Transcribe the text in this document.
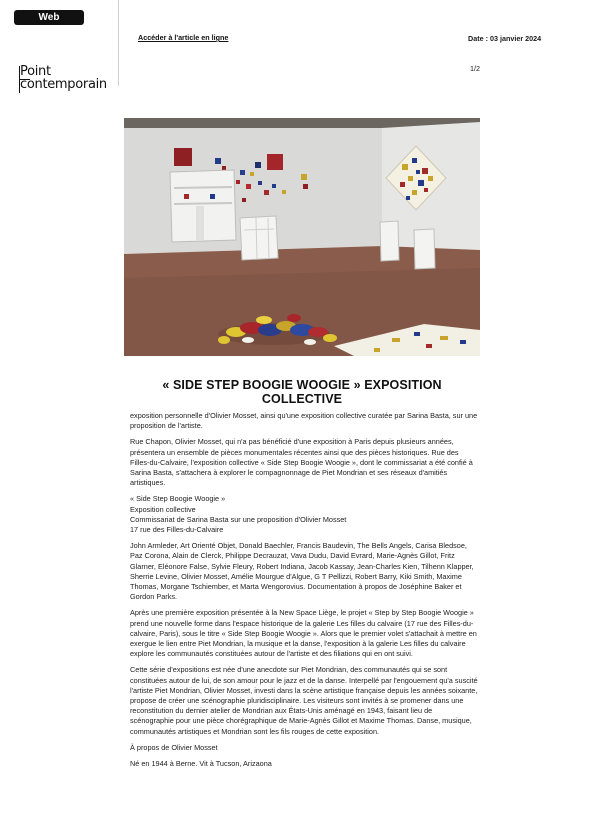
Web
Accéder à l'article en ligne	Date : 03 janvier 2024
1/2
Point
contemporain
« SIDE STEP BOOGIE WOOGIE » EXPOSITION COLLECTIVE

exposition personnelle d'Olivier Mosset, ainsi qu'une exposition collective curatée par Sarina Basta, sur une proposition de l'artiste.

Rue Chapon, Olivier Mosset, qui n'a pas bénéficié d'une exposition à Paris depuis plusieurs années, présentera un ensemble de pièces monumentales récentes ainsi que des pièces historiques. Rue des Filles-du-Calvaire, l'exposition collective « Side Step Boogie Woogie », dont le commissariat a été confié à Sarina Basta, s'attachera à explorer le compagnonnage de Piet Mondrian et ses réseaux d'amitiés artistiques.

« Side Step Boogie Woogie »

Exposition collective

Commissariat de Sarina Basta sur une proposition d'Olivier Mosset

17 rue des Filles-du-Calvaire

John Armleder, Art Orienté Objet, Donald Baechler, Francis Baudevin, The Bells Angels, Carisa Bledsoe, Paz Corona, Alain de Clerck, Philippe Decrauzat, Vava Dudu, David Evrard, Marie-Agnès Gillot, Fritz Glarner, Eléonore False, Sylvie Fleury, Robert Indiana, Jacob Kassay, Jean-Charles Kien, Tilhenn Klapper, Sherrie Levine, Olivier Mosset, Amélie Mourgue d'Algue, G T Pellizzi, Robert Barry, Kiki Smith, Maxime Thomas, Morgane Tschiember, et Marta Wengorovius. Documentation à propos de Joséphine Baker et Gordon Parks.

Après une première exposition présentée à la New Space Liège, le projet « Step by Step Boogie Woogie » prend une nouvelle forme dans l'espace historique de la galerie Les filles du calvaire (17 rue des Filles-du-calvaire, Paris), sous le titre « Side Step Boogie Woogie ». Alors que le premier volet s'attachait à mettre en exergue le lien entre Piet Mondrian, la musique et la danse, l'exposition à la galerie Les filles du calvaire explore les communautés constituées autour de l'artiste et des filiations qui en ont suivi.

Cette série d'expositions est née d'une anecdote sur Piet Mondrian, des communautés qui se sont constituées autour de lui, de son amour pour le jazz et de la danse. Interpellé par l'engouement qu'a suscité l'artiste Piet Mondrian, Olivier Mosset, investi dans la scène artistique française depuis les années soixante, propose de créer une scénographie pluridisciplinaire. Les visiteurs sont invités à se promener dans une reconstitution du dernier atelier de Mondrian aux États-Unis aménagé en 1943, faisant lieu de scénographie pour une pièce chorégraphique de Marie-Agnès Gillot et Maxime Thomas. Danse, musique, communautés artistiques et Mondrian sont les fils rouges de cette exposition.

À propos de Olivier Mosset

Né en 1944 à Berne. Vit à Tucson, Arizaona
